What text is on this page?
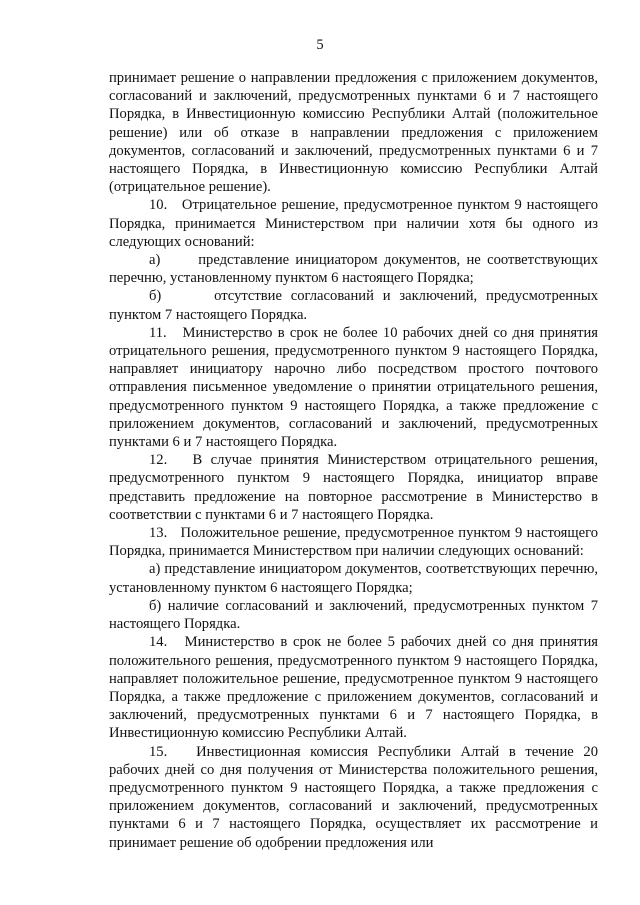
5

принимает решение о направлении предложения с приложением документов, согласований и заключений, предусмотренных пунктами 6 и 7 настоящего Порядка, в Инвестиционную комиссию Республики Алтай (положительное решение) или об отказе в направлении предложения с приложением документов, согласований и заключений, предусмотренных пунктами 6 и 7 настоящего Порядка, в Инвестиционную комиссию Республики Алтай (отрицательное решение).

10.   Отрицательное решение, предусмотренное пунктом 9 настоящего Порядка, принимается Министерством при наличии хотя бы одного из следующих оснований:

а)      представление инициатором документов, не соответствующих перечню, установленному пунктом 6 настоящего Порядка;

б)      отсутствие согласований и заключений, предусмотренных пунктом 7 настоящего Порядка.

11.   Министерство в срок не более 10 рабочих дней со дня принятия отрицательного решения, предусмотренного пунктом 9 настоящего Порядка, направляет инициатору нарочно либо посредством простого почтового отправления письменное уведомление о принятии отрицательного решения, предусмотренного пунктом 9 настоящего Порядка, а также предложение с приложением документов, согласований и заключений, предусмотренных пунктами 6 и 7 настоящего Порядка.

12.   В случае принятия Министерством отрицательного решения, предусмотренного пунктом 9 настоящего Порядка, инициатор вправе представить предложение на повторное рассмотрение в Министерство в соответствии с пунктами 6 и 7 настоящего Порядка.

13.   Положительное решение, предусмотренное пунктом 9 настоящего Порядка, принимается Министерством при наличии следующих оснований:

а) представление инициатором документов, соответствующих перечню, установленному пунктом 6 настоящего Порядка;

б) наличие согласований и заключений, предусмотренных пунктом 7 настоящего Порядка.

14.   Министерство в срок не более 5 рабочих дней со дня принятия положительного решения, предусмотренного пунктом 9 настоящего Порядка, направляет положительное решение, предусмотренное пунктом 9 настоящего Порядка, а также предложение с приложением документов, согласований и заключений, предусмотренных пунктами 6 и 7 настоящего Порядка, в Инвестиционную комиссию Республики Алтай.

15.   Инвестиционная комиссия Республики Алтай в течение 20 рабочих дней со дня получения от Министерства положительного решения, предусмотренного пунктом 9 настоящего Порядка, а также предложения с приложением документов, согласований и заключений, предусмотренных пунктами 6 и 7 настоящего Порядка, осуществляет их рассмотрение и принимает решение об одобрении предложения или
